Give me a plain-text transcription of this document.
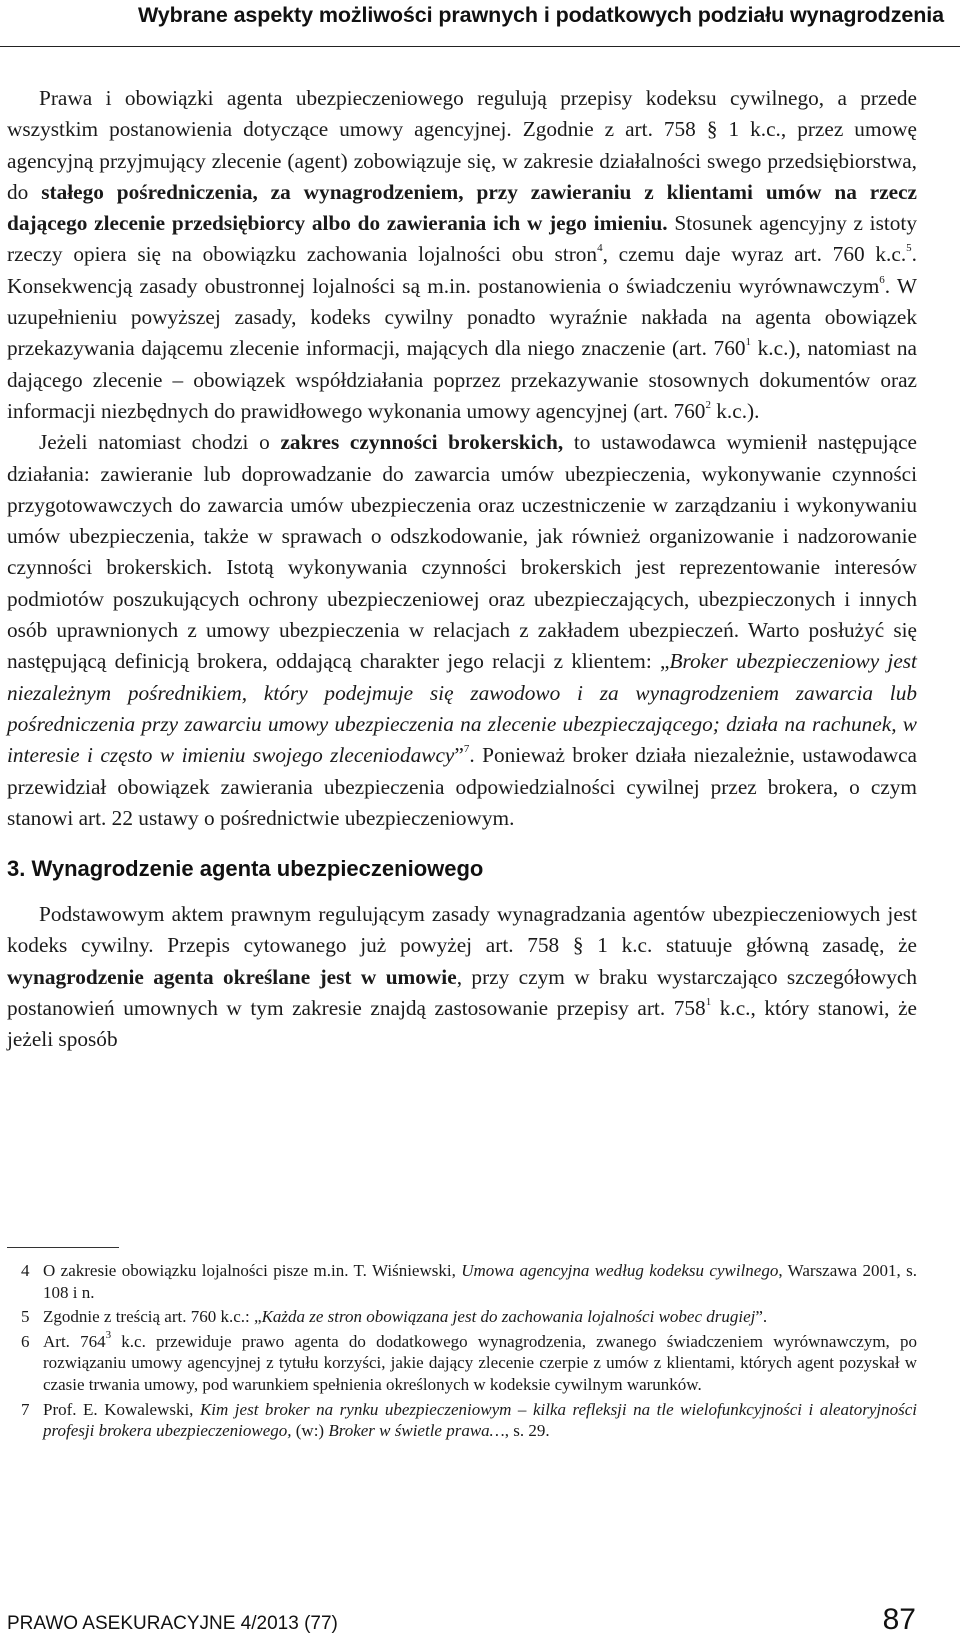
Wybrane aspekty możliwości prawnych i podatkowych podziału wynagrodzenia

Prawa i obowiązki agenta ubezpieczeniowego regulują przepisy kodeksu cywilnego, a przede wszystkim postanowienia dotyczące umowy agencyjnej. Zgodnie z art. 758 § 1 k.c., przez umowę agencyjną przyjmujący zlecenie (agent) zobowiązuje się, w zakresie działalności swego przedsiębiorstwa, do stałego pośredniczenia, za wynagrodzeniem, przy zawieraniu z klientami umów na rzecz dającego zlecenie przedsiębiorcy albo do zawierania ich w jego imieniu. Stosunek agencyjny z istoty rzeczy opiera się na obowiązku zachowania lojalności obu stron$^4$, czemu daje wyraz art. 760 k.c.$^5$. Konsekwencją zasady obustronnej lojalności są m.in. postanowienia o świadczeniu wyrównawczym$^6$. W uzupełnieniu powyższej zasady, kodeks cywilny ponadto wyraźnie nakłada na agenta obowiązek przekazywania dającemu zlecenie informacji, mających dla niego znaczenie (art. $760^1$ k.c.), natomiast na dającego zlecenie – obowiązek współdziałania poprzez przekazywanie stosownych dokumentów oraz informacji niezbędnych do prawidłowego wykonania umowy agencyjnej (art. $760^2$ k.c.).

Jeżeli natomiast chodzi o zakres czynności brokerskich, to ustawodawca wymienił następujące działania: zawieranie lub doprowadzanie do zawarcia umów ubezpieczenia, wykonywanie czynności przygotowawczych do zawarcia umów ubezpieczenia oraz uczestniczenie w zarządzaniu i wykonywaniu umów ubezpieczenia, także w sprawach o odszkodowanie, jak również organizowanie i nadzorowanie czynności brokerskich. Istotą wykonywania czynności brokerskich jest reprezentowanie interesów podmiotów poszukujących ochrony ubezpieczeniowej oraz ubezpieczających, ubezpieczonych i innych osób uprawnionych z umowy ubezpieczenia w relacjach z zakładem ubezpieczeń. Warto posłużyć się następującą definicją brokera, oddającą charakter jego relacji z klientem: „Broker ubezpieczeniowy jest niezależnym pośrednikiem, który podejmuje się zawodowo i za wynagrodzeniem zawarcia lub pośredniczenia przy zawarciu umowy ubezpieczenia na zlecenie ubezpieczającego; działa na rachunek, w interesie i często w imieniu swojego zleceniodawcy”$^7$. Ponieważ broker działa niezależnie, ustawodawca przewidział obowiązek zawierania ubezpieczenia odpowiedzialności cywilnej przez brokera, o czym stanowi art. 22 ustawy o pośrednictwie ubezpieczeniowym.

3. Wynagrodzenie agenta ubezpieczeniowego

Podstawowym aktem prawnym regulującym zasady wynagradzania agentów ubezpieczeniowych jest kodeks cywilny. Przepis cytowanego już powyżej art. 758 § 1 k.c. statuuje główną zasadę, że wynagrodzenie agenta określane jest w umowie, przy czym w braku wystarczająco szczegółowych postanowień umownych w tym zakresie znajdą zastosowanie przepisy art. $758^1$ k.c., który stanowi, że jeżeli sposób

4 O zakresie obowiązku lojalności pisze m.in. T. Wiśniewski, Umowa agencyjna według kodeksu cywilnego, Warszawa 2001, s. 108 i n.

5 Zgodnie z treścią art. 760 k.c.: „Każda ze stron obowiązana jest do zachowania lojalności wobec drugiej”.

6 Art. $764^3$ k.c. przewiduje prawo agenta do dodatkowego wynagrodzenia, zwanego świadczeniem wyrównawczym, po rozwiązaniu umowy agencyjnej z tytułu korzyści, jakie dający zlecenie czerpie z umów z klientami, których agent pozyskał w czasie trwania umowy, pod warunkiem spełnienia określonych w kodeksie cywilnym warunków.

7 Prof. E. Kowalewski, Kim jest broker na rynku ubezpieczeniowym – kilka refleksji na tle wielofunkcyjności i aleatoryjności profesji brokera ubezpieczeniowego, (w:) Broker w świetle prawa…, s. 29.

PRAWO ASEKURACYJNE 4/2013 (77)	87
